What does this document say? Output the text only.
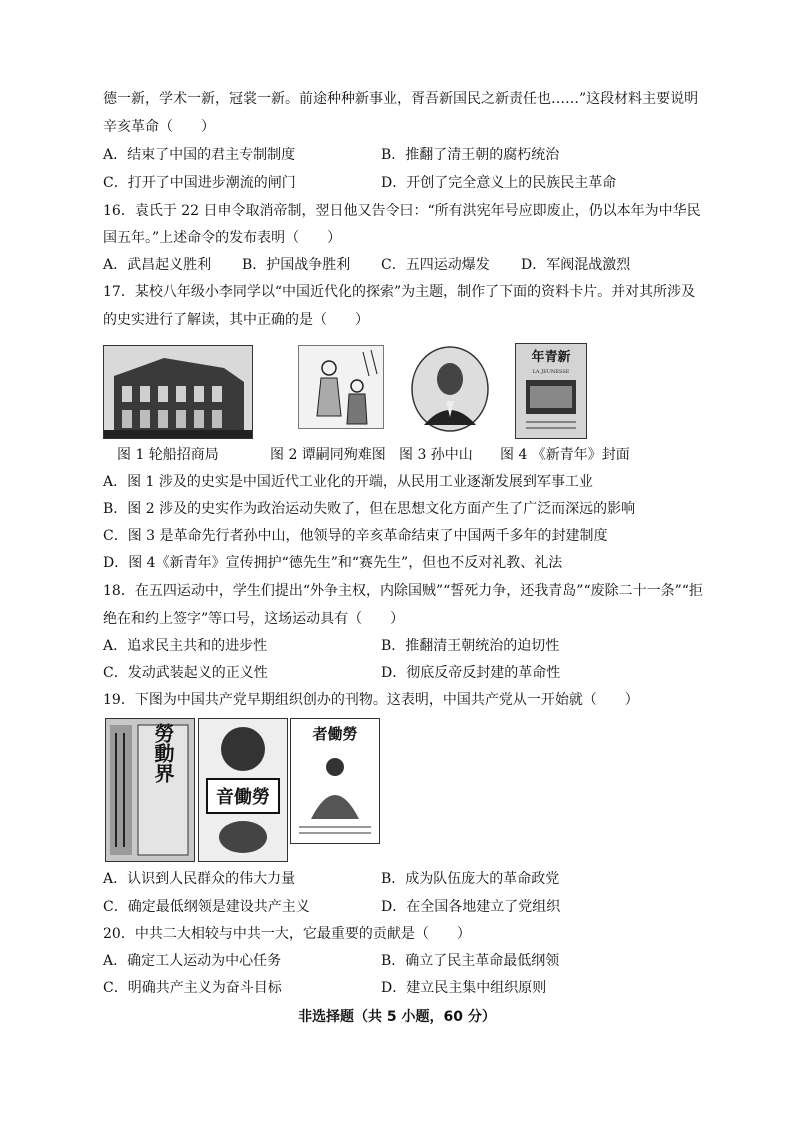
德一新，学术一新，冠裳一新。前途种种新事业，胥吾新国民之新责任也……”这段材料主要说明
辛亥革命（　　）
A．结束了中国的君主专制制度	B．推翻了清王朝的腐朽统治
C．打开了中国进步潮流的闸门	D．开创了完全意义上的民族民主革命
16．袁氏于 22 日申令取消帝制，翌日他又告令曰：“所有洪宪年号应即废止，仍以本年为中华民
国五年。”上述命令的发布表明（　　）
A．武昌起义胜利 B．护国战争胜利 C．五四运动爆发 D．军阀混战激烈
17．某校八年级小李同学以“中国近代化的探索”为主题，制作了下面的资料卡片。并对其所涉及
的史实进行了解读，其中正确的是（　　）
年青新
LA JEUNESSE
图 1 轮船招商局	图 2 谭嗣同殉难图 图 3 孙中山 图 4 《新青年》封面
A．图 1 涉及的史实是中国近代工业化的开端，从民用工业逐渐发展到军事工业
B．图 2 涉及的史实作为政治运动失败了，但在思想文化方面产生了广泛而深远的影响
C．图 3 是革命先行者孙中山，他领导的辛亥革命结束了中国两千多年的封建制度
D．图 4《新青年》宣传拥护“德先生”和“赛先生”，但也不反对礼教、礼法
18．在五四运动中，学生们提出“外争主权，内除国贼”“誓死力争，还我青岛”“废除二十一条”“拒
绝在和约上签字”等口号，这场运动具有（　　）
A．追求民主共和的进步性	B．推翻清王朝统治的迫切性
C．发动武装起义的正义性	D．彻底反帝反封建的革命性
19．下图为中国共产党早期组织创办的刊物。这表明，中国共产党从一开始就（　　）
勞動界
音働勞
者働勞
A．认识到人民群众的伟大力量	B．成为队伍庞大的革命政党
C．确定最低纲领是建设共产主义	D．在全国各地建立了党组织
20．中共二大相较与中共一大，它最重要的贡献是（　　）
A．确定工人运动为中心任务	B．确立了民主革命最低纲领
C．明确共产主义为奋斗目标	D．建立民主集中组织原则
非选择题（共 5 小题，60 分）
